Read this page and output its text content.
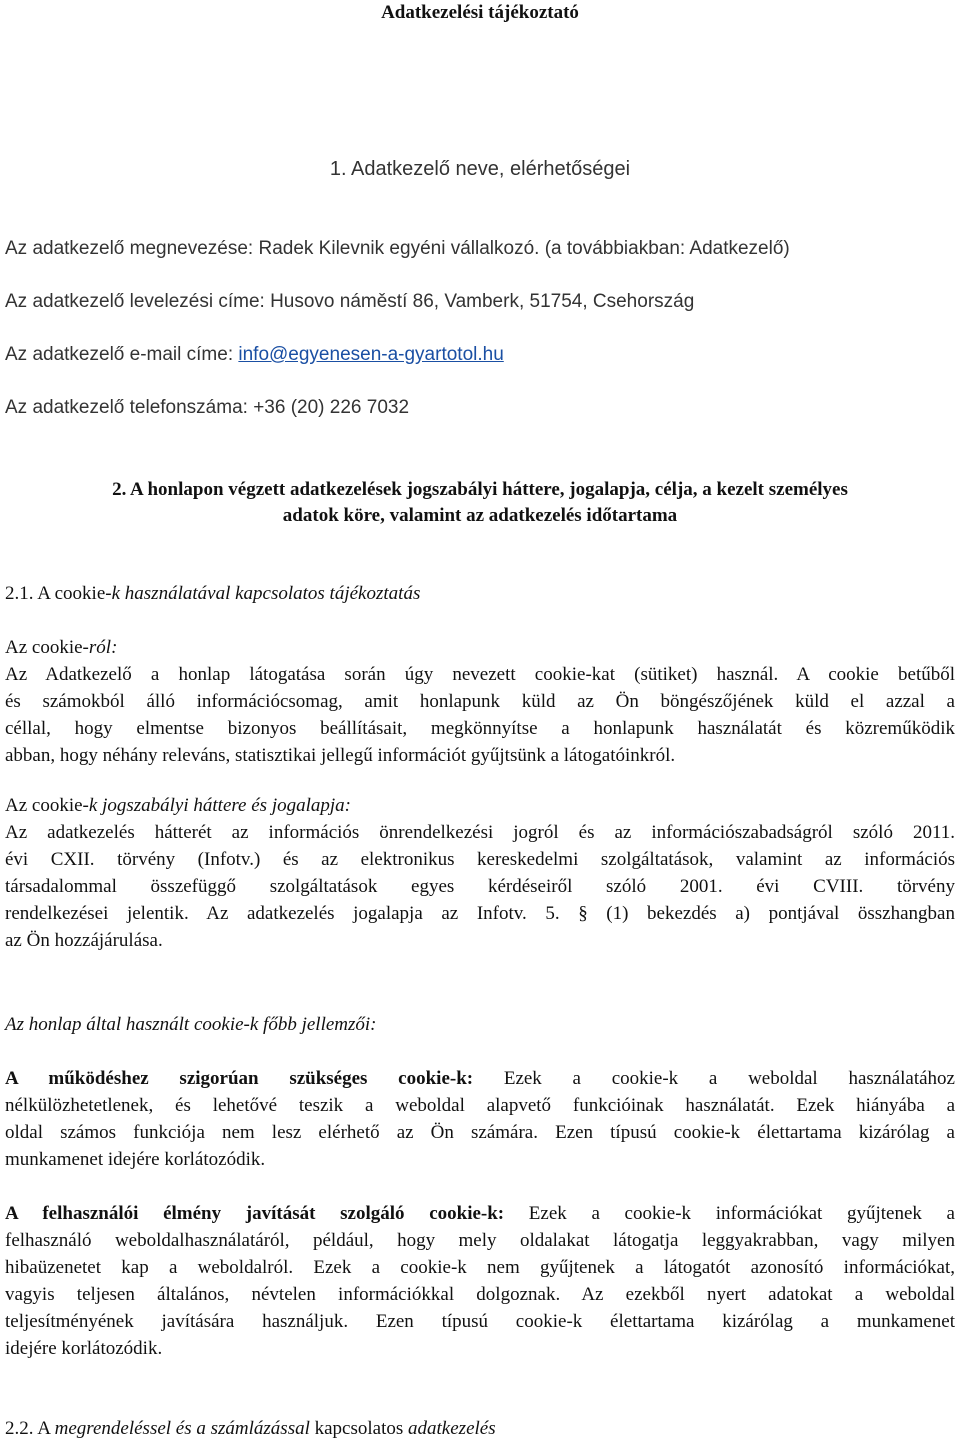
Adatkezelési tájékoztató

1. Adatkezelő neve, elérhetőségei

Az adatkezelő megnevezése: Radek Kilevnik egyéni vállalkozó. (a továbbiakban: Adatkezelő)

Az adatkezelő levelezési címe: Husovo náměstí 86, Vamberk, 51754, Csehország

Az adatkezelő e-mail címe: info@egyenesen-a-gyartotol.hu

Az adatkezelő telefonszáma: +36 (20) 226 7032

2. A honlapon végzett adatkezelések jogszabályi háttere, jogalapja, célja, a kezelt személyes

adatok köre, valamint az adatkezelés időtartama

2.1. A cookie-k használatával kapcsolatos tájékoztatás

Az cookie-ról:

Az Adatkezelő a honlap látogatása során úgy nevezett cookie-kat (sütiket) használ. A cookie betűből

és számokból álló információcsomag, amit honlapunk küld az Ön böngészőjének küld el azzal a

céllal, hogy elmentse bizonyos beállításait, megkönnyítse a honlapunk használatát és közreműködik

abban, hogy néhány releváns, statisztikai jellegű információt gyűjtsünk a látogatóinkról.

Az cookie-k jogszabályi háttere és jogalapja:

Az adatkezelés hátterét az információs önrendelkezési jogról és az információszabadságról szóló 2011.

évi CXII. törvény (Infotv.) és az elektronikus kereskedelmi szolgáltatások, valamint az információs

társadalommal összefüggő szolgáltatások egyes kérdéseiről szóló 2001. évi CVIII. törvény

rendelkezései jelentik. Az adatkezelés jogalapja az Infotv. 5. § (1) bekezdés a) pontjával összhangban

az Ön hozzájárulása.

Az honlap által használt cookie-k főbb jellemzői:

A működéshez szigorúan szükséges cookie-k: Ezek a cookie-k a weboldal használatához

nélkülözhetetlenek, és lehetővé teszik a weboldal alapvető funkcióinak használatát. Ezek hiányába a

oldal számos funkciója nem lesz elérhető az Ön számára. Ezen típusú cookie-k élettartama kizárólag a

munkamenet idejére korlátozódik.

A felhasználói élmény javítását szolgáló cookie-k: Ezek a cookie-k információkat gyűjtenek a

felhasználó weboldalhasználatáról, például, hogy mely oldalakat látogatja leggyakrabban, vagy milyen

hibaüzenetet kap a weboldalról. Ezek a cookie-k nem gyűjtenek a látogatót azonosító információkat,

vagyis teljesen általános, névtelen információkkal dolgoznak. Az ezekből nyert adatokat a weboldal

teljesítményének javítására használjuk. Ezen típusú cookie-k élettartama kizárólag a munkamenet

idejére korlátozódik.

2.2. A megrendeléssel és a számlázással kapcsolatos adatkezelés
